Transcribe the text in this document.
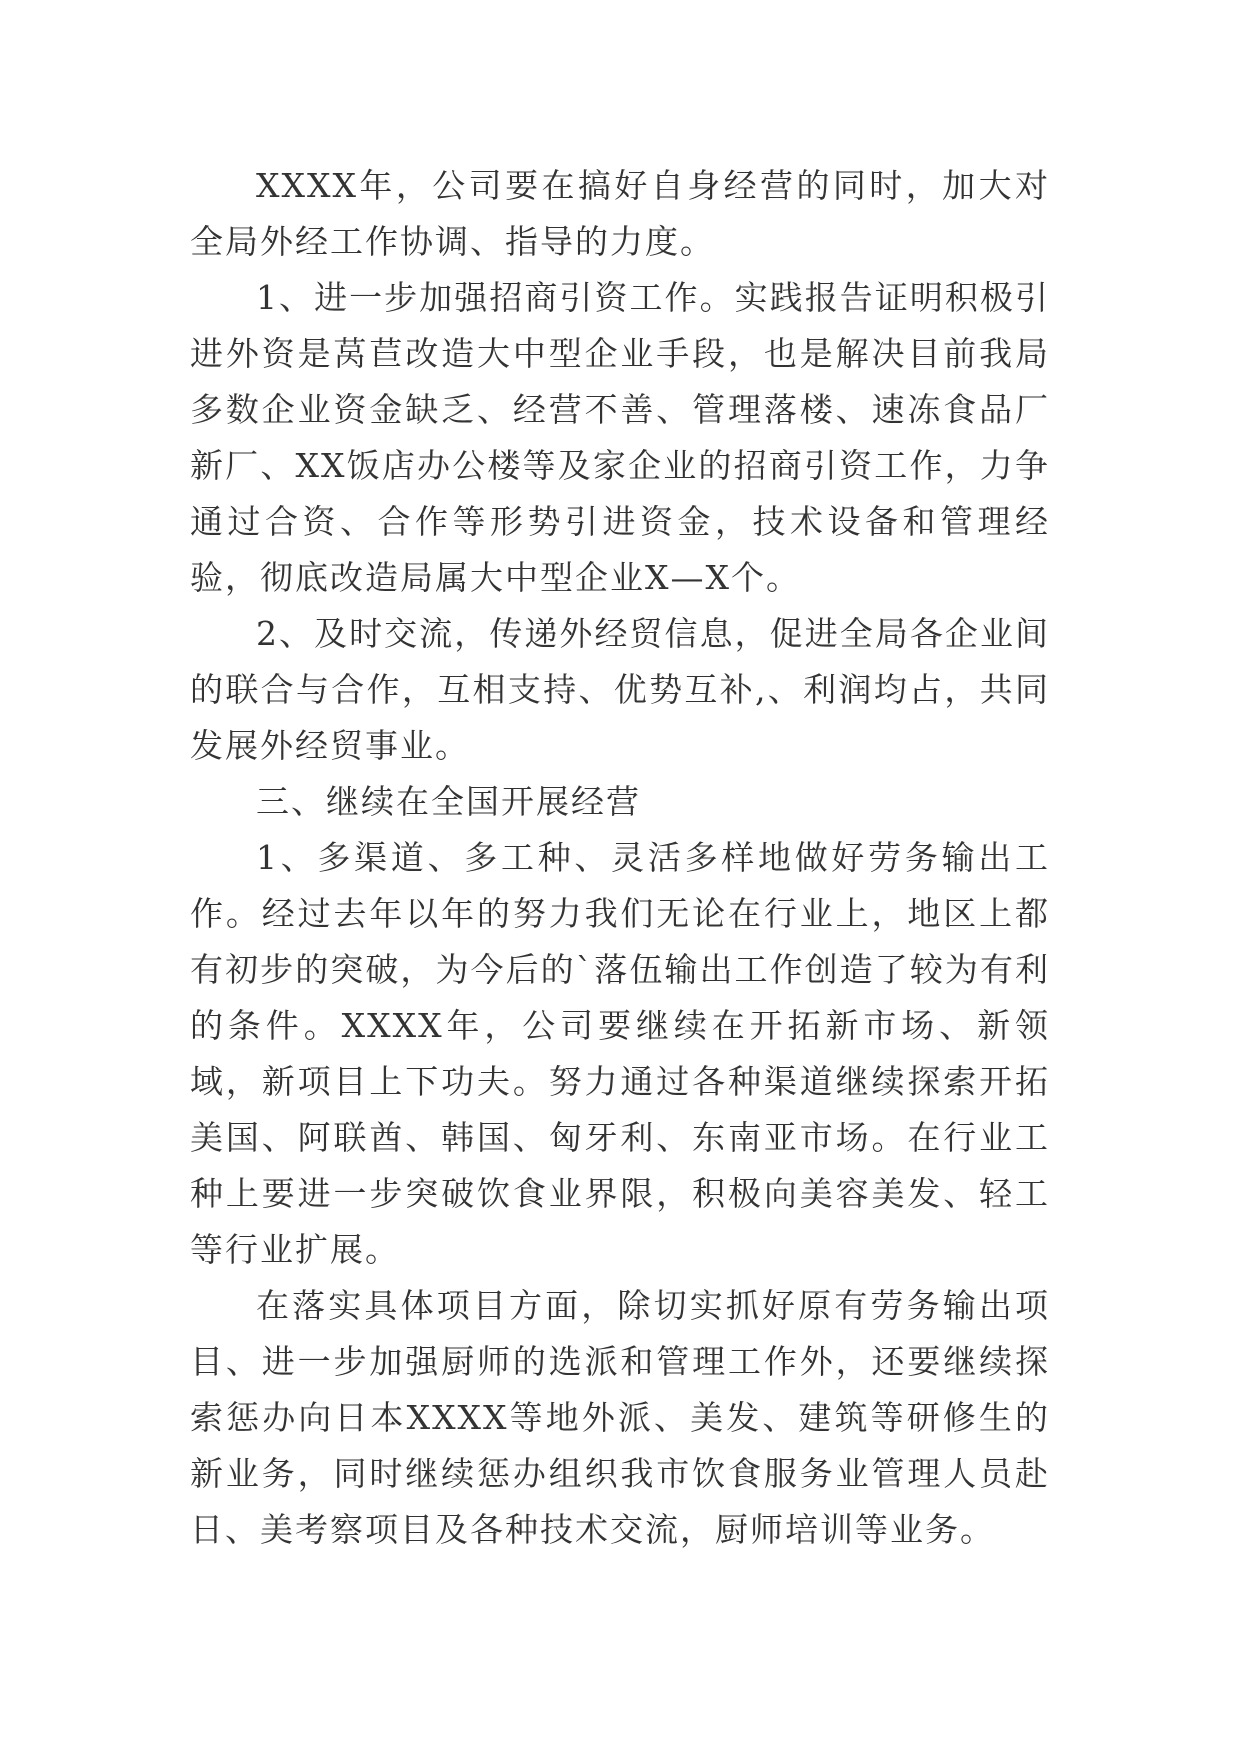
XXXX年，公司要在搞好自身经营的同时，加大对全局外经工作协调、指导的力度。

1、进一步加强招商引资工作。实践报告证明积极引进外资是莴苣改造大中型企业手段，也是解决目前我局多数企业资金缺乏、经营不善、管理落楼、速冻食品厂新厂、XX饭店办公楼等及家企业的招商引资工作，力争通过合资、合作等形势引进资金，技术设备和管理经验，彻底改造局属大中型企业X—X个。

2、及时交流，传递外经贸信息，促进全局各企业间的联合与合作，互相支持、优势互补,、利润均占，共同发展外经贸事业。

三、继续在全国开展经营

1、多渠道、多工种、灵活多样地做好劳务输出工作。经过去年以年的努力我们无论在行业上，地区上都有初步的突破，为今后的`落伍输出工作创造了较为有利的条件。XXXX年，公司要继续在开拓新市场、新领域，新项目上下功夫。努力通过各种渠道继续探索开拓美国、阿联酋、韩国、匈牙利、东南亚市场。在行业工种上要进一步突破饮食业界限，积极向美容美发、轻工等行业扩展。

在落实具体项目方面，除切实抓好原有劳务输出项目、进一步加强厨师的选派和管理工作外，还要继续探索惩办向日本XXXX等地外派、美发、建筑等研修生的新业务，同时继续惩办组织我市饮食服务业管理人员赴日、美考察项目及各种技术交流，厨师培训等业务。
